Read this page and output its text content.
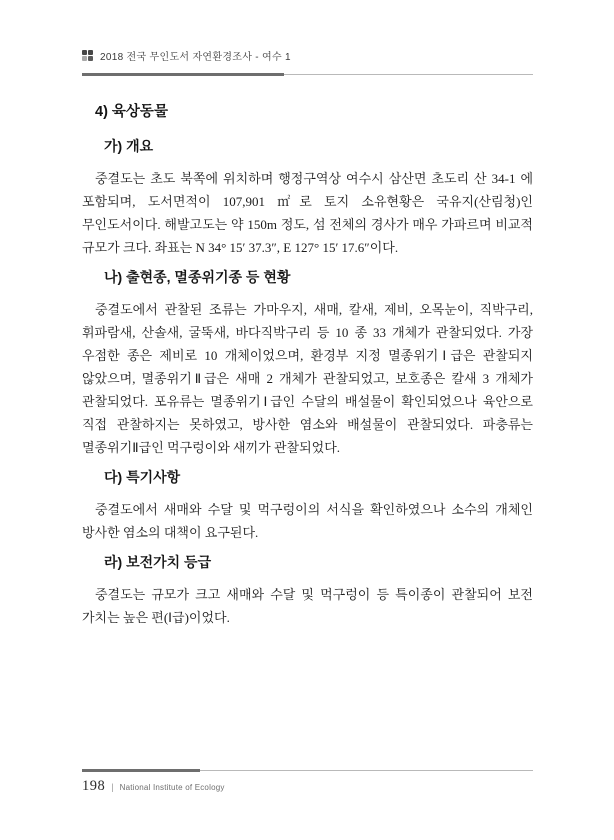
2018 전국 무인도서 자연환경조사 - 여수 1
4) 육상동물
가) 개요

중결도는 초도 북쪽에 위치하며 행정구역상 여수시 삼산면 초도리 산 34-1 에 포함되며, 도서면적이 107,901 ㎡로 토지 소유현황은 국유지(산림청)인 무인도서이다. 해발고도는 약 150m 정도, 섬 전체의 경사가 매우 가파르며 비교적 규모가 크다. 좌표는 N 34° 15′ 37.3″, E 127° 15′ 17.6″이다.

나) 출현종, 멸종위기종 등 현황

중결도에서 관찰된 조류는 가마우지, 새매, 칼새, 제비, 오목눈이, 직박구리, 휘파람새, 산솔새, 굴뚝새, 바다직박구리 등 10 종 33 개체가 관찰되었다. 가장 우점한 종은 제비로 10 개체이었으며, 환경부 지정 멸종위기Ⅰ급은 관찰되지 않았으며, 멸종위기Ⅱ급은 새매 2 개체가 관찰되었고, 보호종은 칼새 3 개체가 관찰되었다. 포유류는 멸종위기Ⅰ급인 수달의 배설물이 확인되었으나 육안으로 직접 관찰하지는 못하였고, 방사한 염소와 배설물이 관찰되었다. 파충류는 멸종위기Ⅱ급인 먹구렁이와 새끼가 관찰되었다.

다) 특기사항

중결도에서 새매와 수달 및 먹구렁이의 서식을 확인하였으나 소수의 개체인 방사한 염소의 대책이 요구된다.

라) 보전가치 등급

중결도는 규모가 크고 새매와 수달 및 먹구렁이 등 특이종이 관찰되어 보전 가치는 높은 편(Ⅰ급)이었다.

198 | National Institute of Ecology
